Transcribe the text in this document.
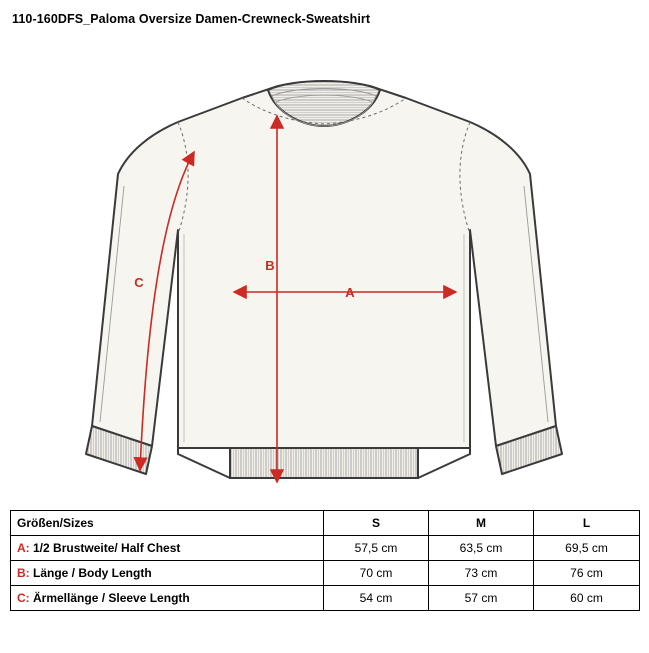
110-160DFS_Paloma Oversize Damen-Crewneck-Sweatshirt
B
A
C
Größen/Sizes	S	M	L
A: 1/2 Brustweite/ Half Chest	57,5 cm	63,5 cm	69,5 cm
B: Länge / Body Length	70 cm	73 cm	76 cm
C: Ärmellänge / Sleeve Length	54 cm	57 cm	60 cm
